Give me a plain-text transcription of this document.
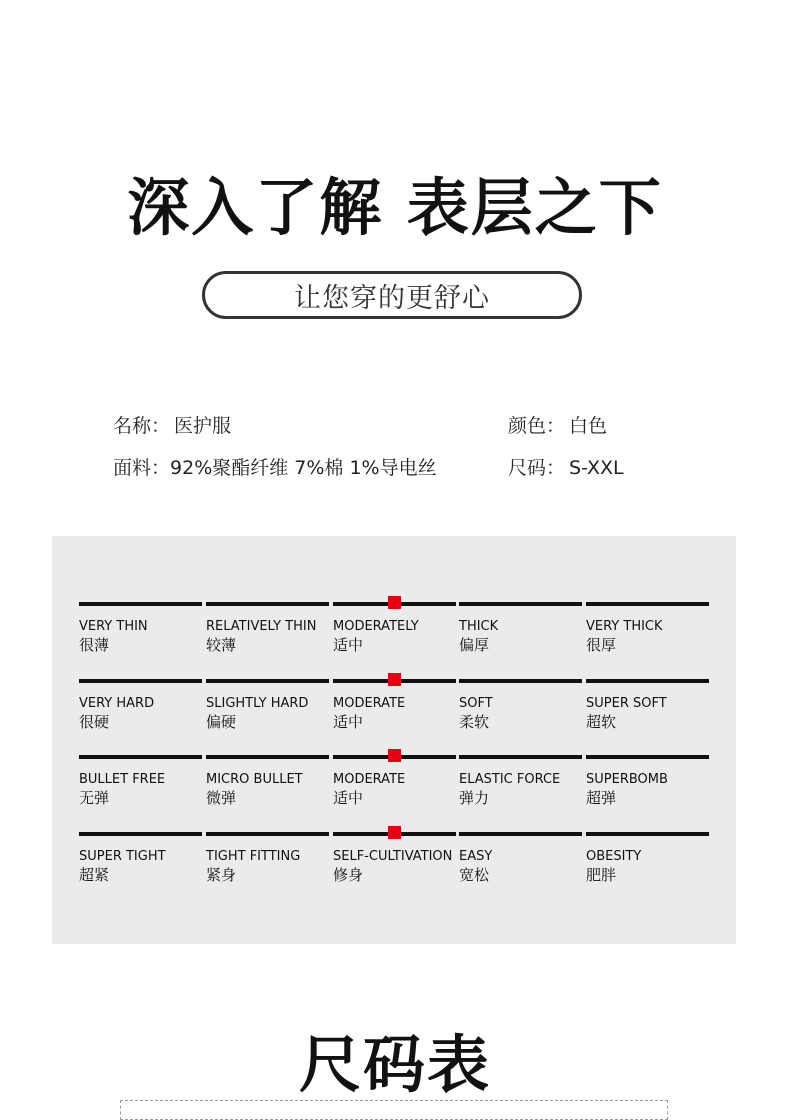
深入了解 表层之下
让您穿的更舒心
名称： 医护服	颜色： 白色
面料：92%聚酯纤维 7%棉 1%导电丝	尺码： S-XXL
VERY THIN
很薄
RELATIVELY THIN
较薄
MODERATELY
适中
THICK
偏厚
VERY THICK
很厚
VERY HARD
很硬
SLIGHTLY HARD
偏硬
MODERATE
适中
SOFT
柔软
SUPER SOFT
超软
BULLET FREE
无弹
MICRO BULLET
微弹
MODERATE
适中
ELASTIC FORCE
弹力
SUPERBOMB
超弹
SUPER TIGHT
超紧
TIGHT FITTING
紧身
SELF-CULTIVATION
修身
EASY
宽松
OBESITY
肥胖
尺码表
